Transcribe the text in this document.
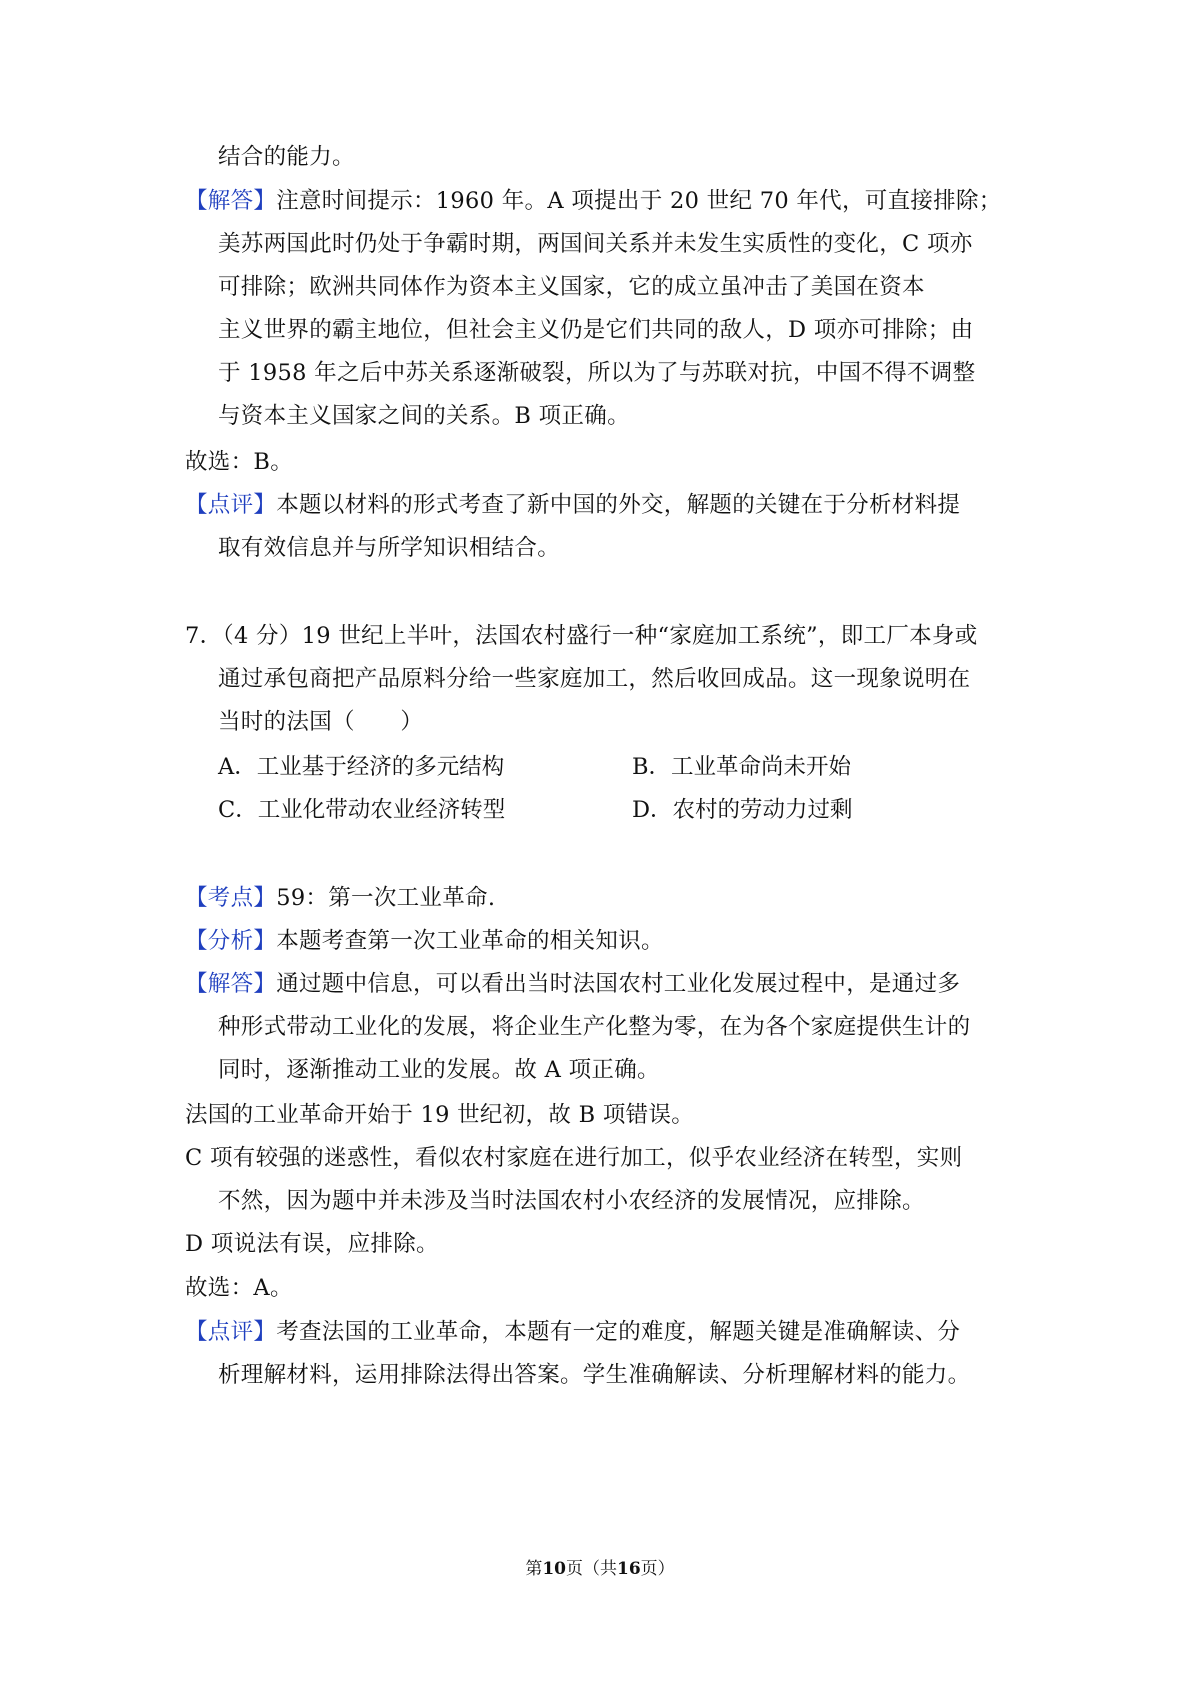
结合的能力。
【解答】注意时间提示：1960 年。A 项提出于 20 世纪 70 年代，可直接排除；
美苏两国此时仍处于争霸时期，两国间关系并未发生实质性的变化，C 项亦
可排除；欧洲共同体作为资本主义国家，它的成立虽冲击了美国在资本
主义世界的霸主地位，但社会主义仍是它们共同的敌人，D 项亦可排除；由
于 1958 年之后中苏关系逐渐破裂，所以为了与苏联对抗，中国不得不调整
与资本主义国家之间的关系。B 项正确。
故选：B。
【点评】本题以材料的形式考查了新中国的外交，解题的关键在于分析材料提
取有效信息并与所学知识相结合。
7．（4 分）19 世纪上半叶，法国农村盛行一种“家庭加工系统”，即工厂本身或
通过承包商把产品原料分给一些家庭加工，然后收回成品。这一现象说明在
当时的法国（　　）
A．工业基于经济的多元结构	B．工业革命尚未开始
C．工业化带动农业经济转型	D．农村的劳动力过剩
【考点】59：第一次工业革命.
【分析】本题考查第一次工业革命的相关知识。
【解答】通过题中信息，可以看出当时法国农村工业化发展过程中，是通过多
种形式带动工业化的发展，将企业生产化整为零，在为各个家庭提供生计的
同时，逐渐推动工业的发展。故 A 项正确。
法国的工业革命开始于 19 世纪初，故 B 项错误。
C 项有较强的迷惑性，看似农村家庭在进行加工，似乎农业经济在转型，实则
不然，因为题中并未涉及当时法国农村小农经济的发展情况，应排除。
D 项说法有误，应排除。
故选：A。
【点评】考查法国的工业革命，本题有一定的难度，解题关键是准确解读、分
析理解材料，运用排除法得出答案。学生准确解读、分析理解材料的能力。
第10页（共16页）
